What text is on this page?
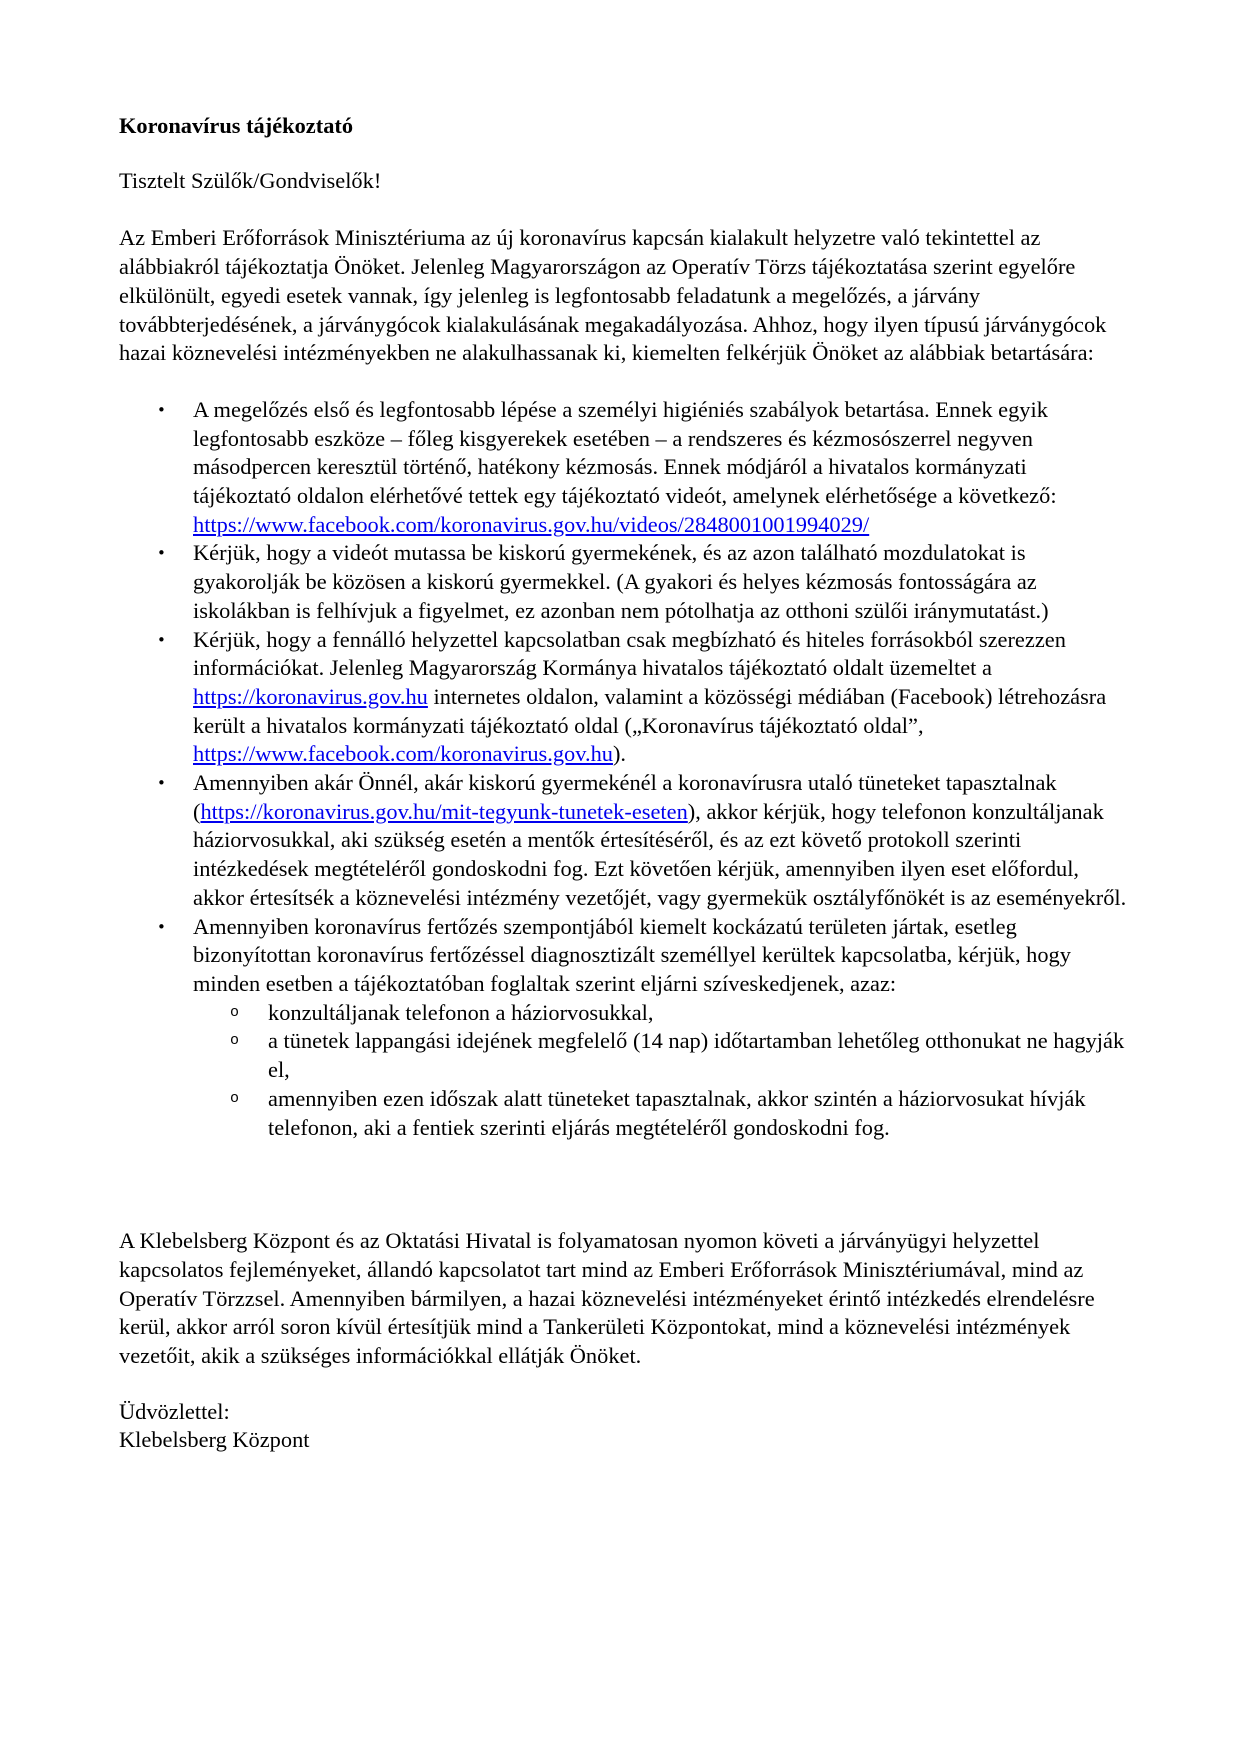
Koronavírus tájékoztató

Tisztelt Szülők/Gondviselők!

Az Emberi Erőforrások Minisztériuma az új koronavírus kapcsán kialakult helyzetre való tekintettel az alábbiakról tájékoztatja Önöket. Jelenleg Magyarországon az Operatív Törzs tájékoztatása szerint egyelőre elkülönült, egyedi esetek vannak, így jelenleg is legfontosabb feladatunk a megelőzés, a járvány továbbterjedésének, a járványgócok kialakulásának megakadályozása. Ahhoz, hogy ilyen típusú járványgócok hazai köznevelési intézményekben ne alakulhassanak ki, kiemelten felkérjük Önöket az alábbiak betartására:

• A megelőzés első és legfontosabb lépése a személyi higiéniés szabályok betartása. Ennek egyik legfontosabb eszköze – főleg kisgyerekek esetében – a rendszeres és kézmosószerrel negyven másodpercen keresztül történő, hatékony kézmosás. Ennek módjáról a hivatalos kormányzati tájékoztató oldalon elérhetővé tettek egy tájékoztató videót, amelynek elérhetősége a következő: https://www.facebook.com/koronavirus.gov.hu/videos/2848001001994029/
• Kérjük, hogy a videót mutassa be kiskorú gyermekének, és az azon található mozdulatokat is gyakorolják be közösen a kiskorú gyermekkel. (A gyakori és helyes kézmosás fontosságára az iskolákban is felhívjuk a figyelmet, ez azonban nem pótolhatja az otthoni szülői iránymutatást.)
• Kérjük, hogy a fennálló helyzettel kapcsolatban csak megbízható és hiteles forrásokból szerezzen információkat. Jelenleg Magyarország Kormánya hivatalos tájékoztató oldalt üzemeltet a https://koronavirus.gov.hu internetes oldalon, valamint a közösségi médiában (Facebook) létrehozásra került a hivatalos kormányzati tájékoztató oldal („Koronavírus tájékoztató oldal”, https://www.facebook.com/koronavirus.gov.hu).
• Amennyiben akár Önnél, akár kiskorú gyermekénél a koronavírusra utaló tüneteket tapasztalnak (https://koronavirus.gov.hu/mit-tegyunk-tunetek-eseten), akkor kérjük, hogy telefonon konzultáljanak háziorvosukkal, aki szükség esetén a mentők értesítéséről, és az ezt követő protokoll szerinti intézkedések megtételéről gondoskodni fog. Ezt követően kérjük, amennyiben ilyen eset előfordul, akkor értesítsék a köznevelési intézmény vezetőjét, vagy gyermekük osztályfőnökét is az eseményekről.
• Amennyiben koronavírus fertőzés szempontjából kiemelt kockázatú területen jártak, esetleg bizonyítottan koronavírus fertőzéssel diagnosztizált személlyel kerültek kapcsolatba, kérjük, hogy minden esetben a tájékoztatóban foglaltak szerint eljárni szíveskedjenek, azaz:
o konzultáljanak telefonon a háziorvosukkal,
o a tünetek lappangási idejének megfelelő (14 nap) időtartamban lehetőleg otthonukat ne hagyják el,
o amennyiben ezen időszak alatt tüneteket tapasztalnak, akkor szintén a háziorvosukat hívják telefonon, aki a fentiek szerinti eljárás megtételéről gondoskodni fog.

A Klebelsberg Központ és az Oktatási Hivatal is folyamatosan nyomon követi a járványügyi helyzettel kapcsolatos fejleményeket, állandó kapcsolatot tart mind az Emberi Erőforrások Minisztériumával, mind az Operatív Törzzsel. Amennyiben bármilyen, a hazai köznevelési intézményeket érintő intézkedés elrendelésre kerül, akkor arról soron kívül értesítjük mind a Tankerületi Központokat, mind a köznevelési intézmények vezetőit, akik a szükséges információkkal ellátják Önöket.

Üdvözlettel:

Klebelsberg Központ
